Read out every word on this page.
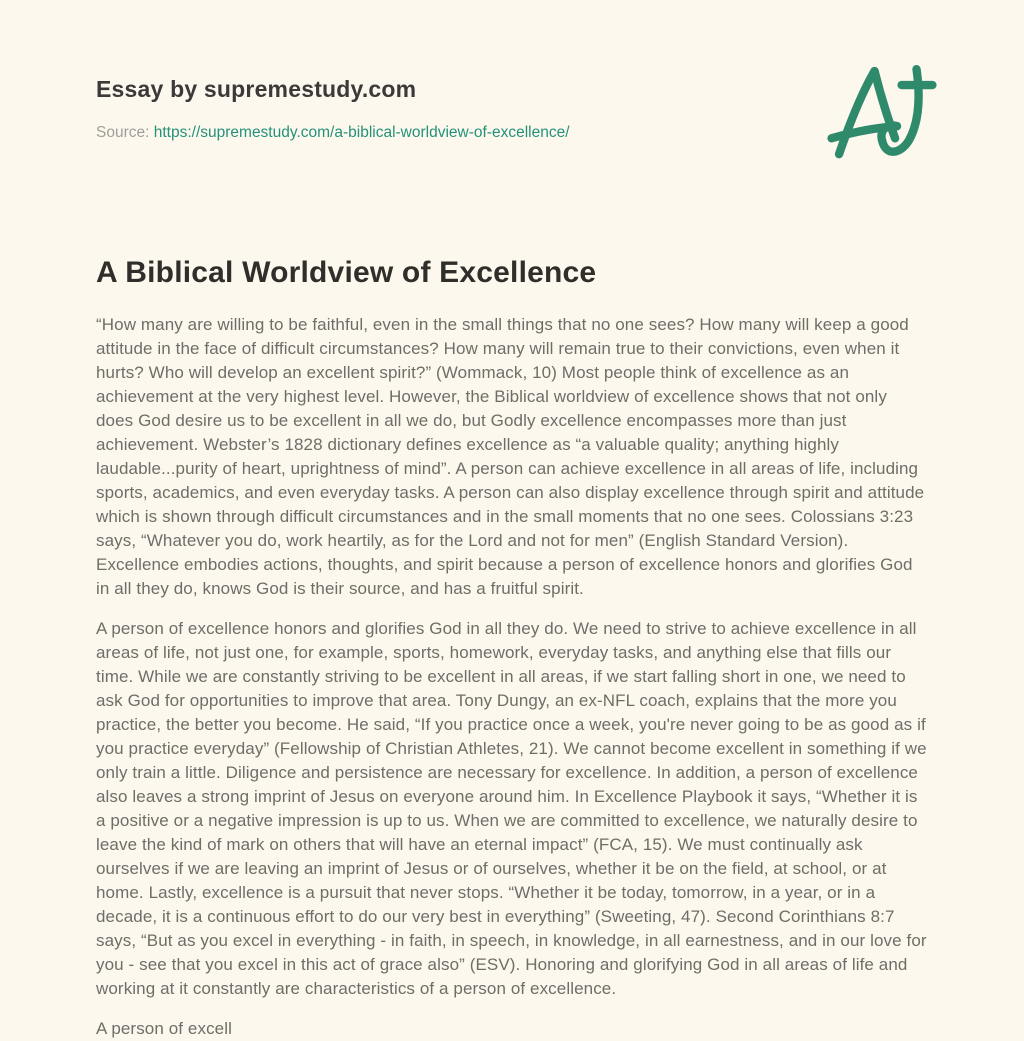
Essay by supremestudy.com
Source: https://supremestudy.com/a-biblical-worldview-of-excellence/
A Biblical Worldview of Excellence

“How many are willing to be faithful, even in the small things that no one sees? How many will keep a good attitude in the face of difficult circumstances? How many will remain true to their convictions, even when it hurts? Who will develop an excellent spirit?” (Wommack, 10) Most people think of excellence as an achievement at the very highest level. However, the Biblical worldview of excellence shows that not only does God desire us to be excellent in all we do, but Godly excellence encompasses more than just achievement. Webster’s 1828 dictionary defines excellence as “a valuable quality; anything highly laudable...purity of heart, uprightness of mind”. A person can achieve excellence in all areas of life, including sports, academics, and even everyday tasks. A person can also display excellence through spirit and attitude which is shown through difficult circumstances and in the small moments that no one sees. Colossians 3:23 says, “Whatever you do, work heartily, as for the Lord and not for men” (English Standard Version). Excellence embodies actions, thoughts, and spirit because a person of excellence honors and glorifies God in all they do, knows God is their source, and has a fruitful spirit.

A person of excellence honors and glorifies God in all they do. We need to strive to achieve excellence in all areas of life, not just one, for example, sports, homework, everyday tasks, and anything else that fills our time. While we are constantly striving to be excellent in all areas, if we start falling short in one, we need to ask God for opportunities to improve that area. Tony Dungy, an ex-NFL coach, explains that the more you practice, the better you become. He said, “If you practice once a week, you're never going to be as good as if you practice everyday” (Fellowship of Christian Athletes, 21). We cannot become excellent in something if we only train a little. Diligence and persistence are necessary for excellence. In addition, a person of excellence also leaves a strong imprint of Jesus on everyone around him. In Excellence Playbook it says, “Whether it is a positive or a negative impression is up to us. When we are committed to excellence, we naturally desire to leave the kind of mark on others that will have an eternal impact” (FCA, 15). We must continually ask ourselves if we are leaving an imprint of Jesus or of ourselves, whether it be on the field, at school, or at home. Lastly, excellence is a pursuit that never stops. “Whether it be today, tomorrow, in a year, or in a decade, it is a continuous effort to do our very best in everything” (Sweeting, 47). Second Corinthians 8:7 says, “But as you excel in everything - in faith, in speech, in knowledge, in all earnestness, and in our love for you - see that you excel in this act of grace also” (ESV). Honoring and glorifying God in all areas of life and working at it constantly are characteristics of a person of excellence.

A person of excell
